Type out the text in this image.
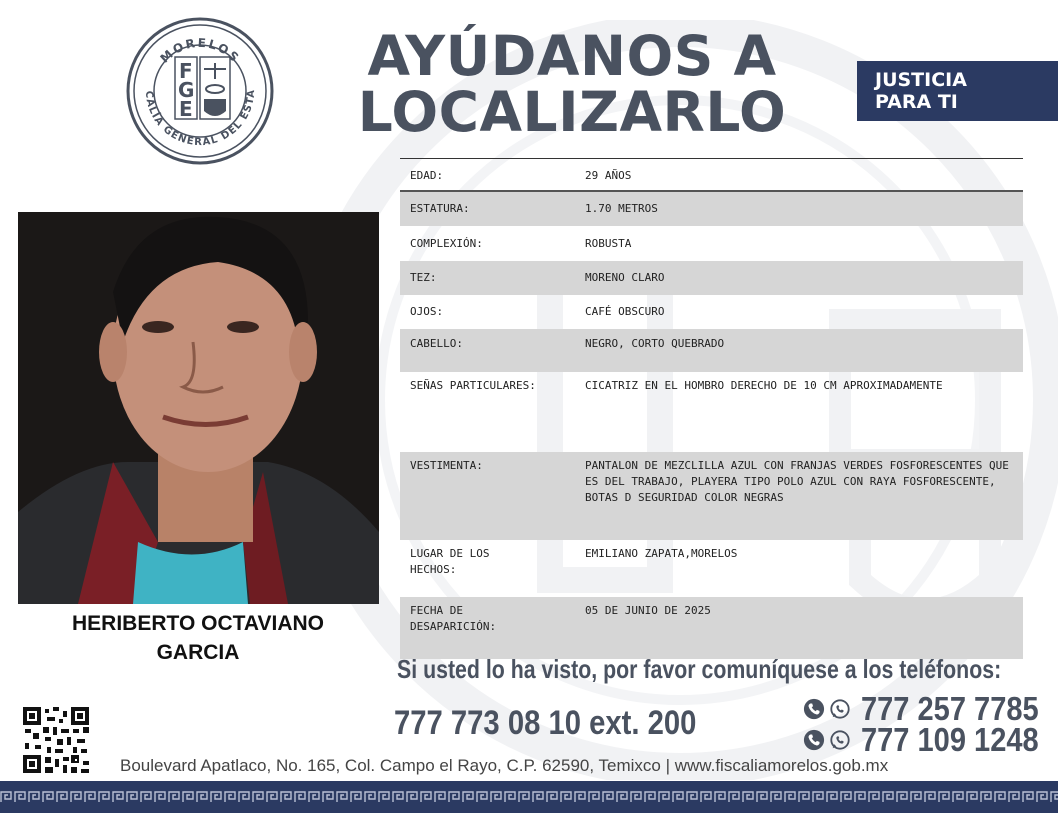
MORELOS
CALÍA GENERAL DEL ESTA
F
G
E
AYÚDANOS A
LOCALIZARLO	JUSTICIA
PARA TI
HERIBERTO OCTAVIANO
GARCIA
EDAD:	29 AÑOS
ESTATURA:	1.70 METROS
COMPLEXIÓN:	ROBUSTA
TEZ:	MORENO CLARO
OJOS:	CAFÉ OBSCURO
CABELLO:	NEGRO, CORTO QUEBRADO
SEÑAS PARTICULARES:	CICATRIZ EN EL HOMBRO DERECHO DE 10 CM APROXIMADAMENTE
VESTIMENTA:	PANTALON DE MEZCLILLA AZUL CON FRANJAS VERDES FOSFORESCENTES QUE ES DEL TRABAJO, PLAYERA TIPO POLO AZUL CON RAYA FOSFORESCENTE, BOTAS D SEGURIDAD COLOR NEGRAS
LUGAR DE LOS HECHOS:
EMILIANO ZAPATA,MORELOS
FECHA DE DESAPARICIÓN:
05 DE JUNIO DE 2025
Si usted lo ha visto, por favor comuníquese a los teléfonos:
777 773 08 10 ext. 200	777 257 7785
777 109 1248
Boulevard Apatlaco, No. 165, Col. Campo el Rayo, C.P. 62590, Temixco | www.fiscaliamorelos.gob.mx
